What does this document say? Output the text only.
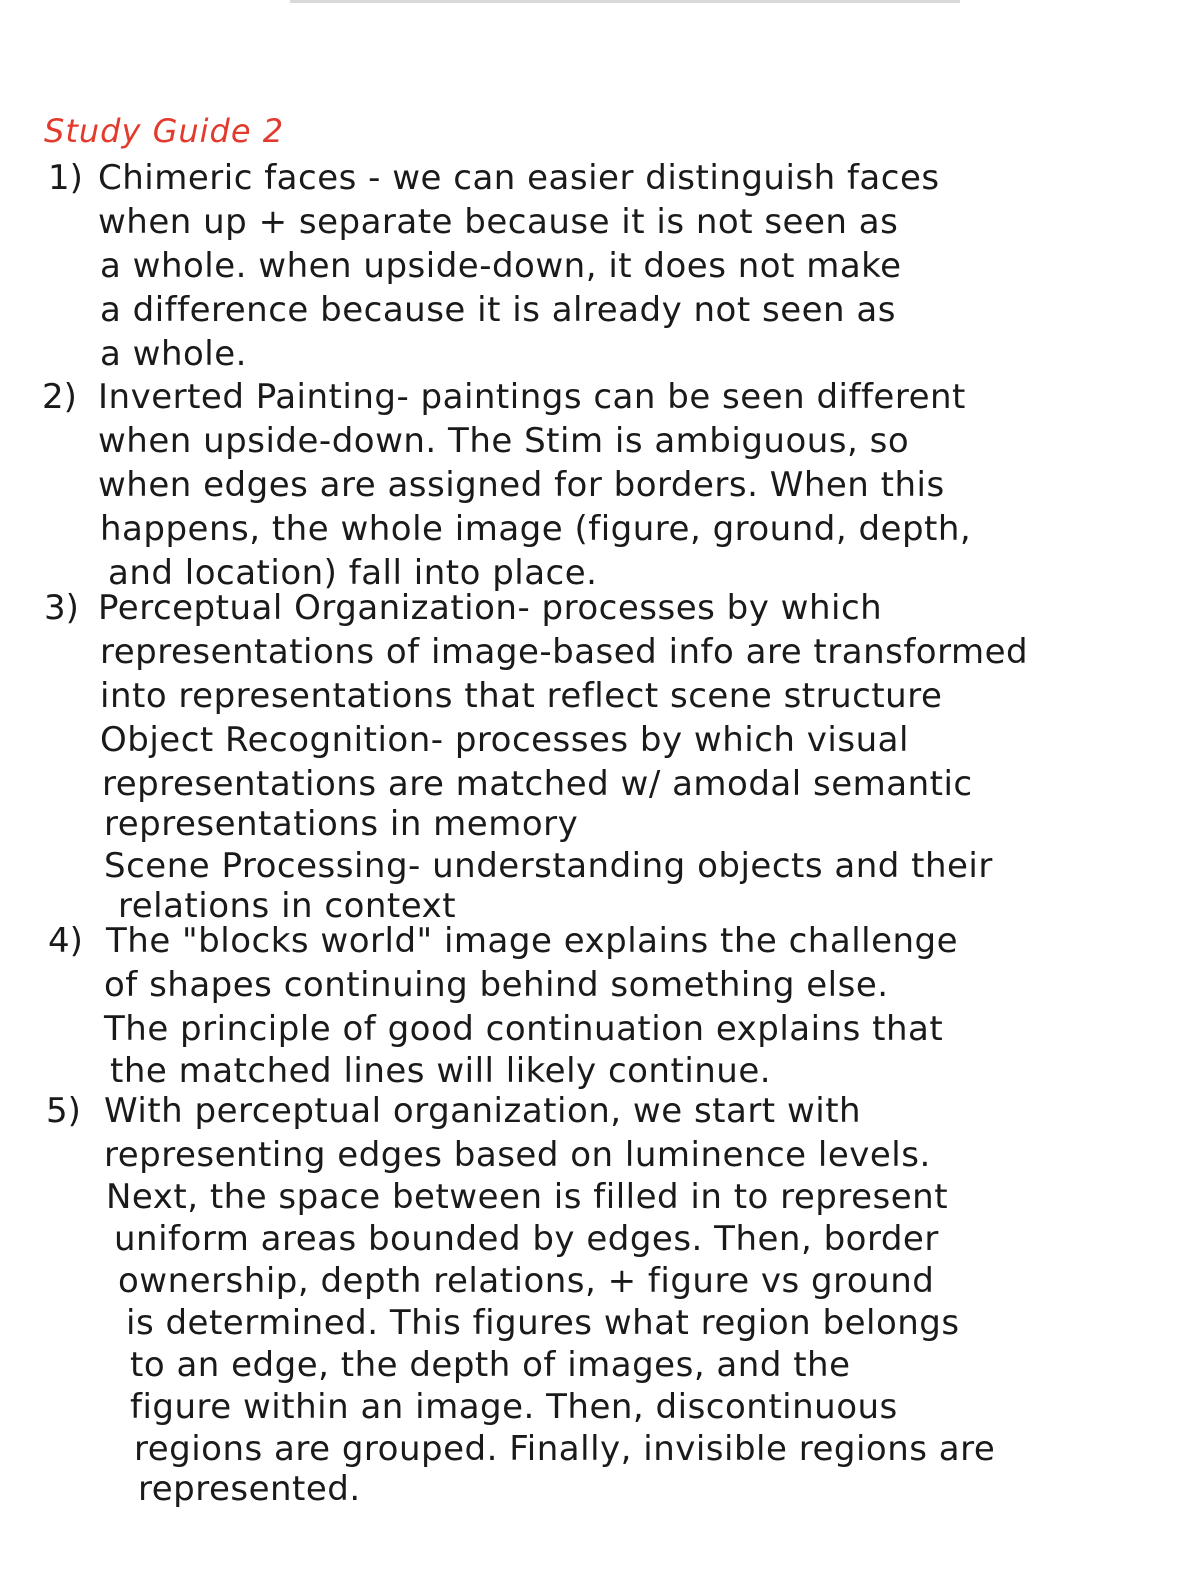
Study Guide 2
1) Chimeric faces - we can easier distinguish faces
when up + separate because it is not seen as
a whole. when upside-down, it does not make
a difference because it is already not seen as
a whole.
2) Inverted Painting- paintings can be seen different
when upside-down. The Stim is ambiguous, so
when edges are assigned for borders. When this
happens, the whole image (figure, ground, depth,
and location) fall into place.
3) Perceptual Organization- processes by which
representations of image-based info are transformed
into representations that reflect scene structure
Object Recognition- processes by which visual
representations are matched w/ amodal semantic
representations in memory
Scene Processing- understanding objects and their
relations in context
4) The "blocks world" image explains the challenge
of shapes continuing behind something else.
The principle of good continuation explains that
the matched lines will likely continue.
5) With perceptual organization, we start with
representing edges based on luminence levels.
Next, the space between is filled in to represent
uniform areas bounded by edges. Then, border
ownership, depth relations, + figure vs ground
is determined. This figures what region belongs
to an edge, the depth of images, and the
figure within an image. Then, discontinuous
regions are grouped. Finally, invisible regions are
represented.
